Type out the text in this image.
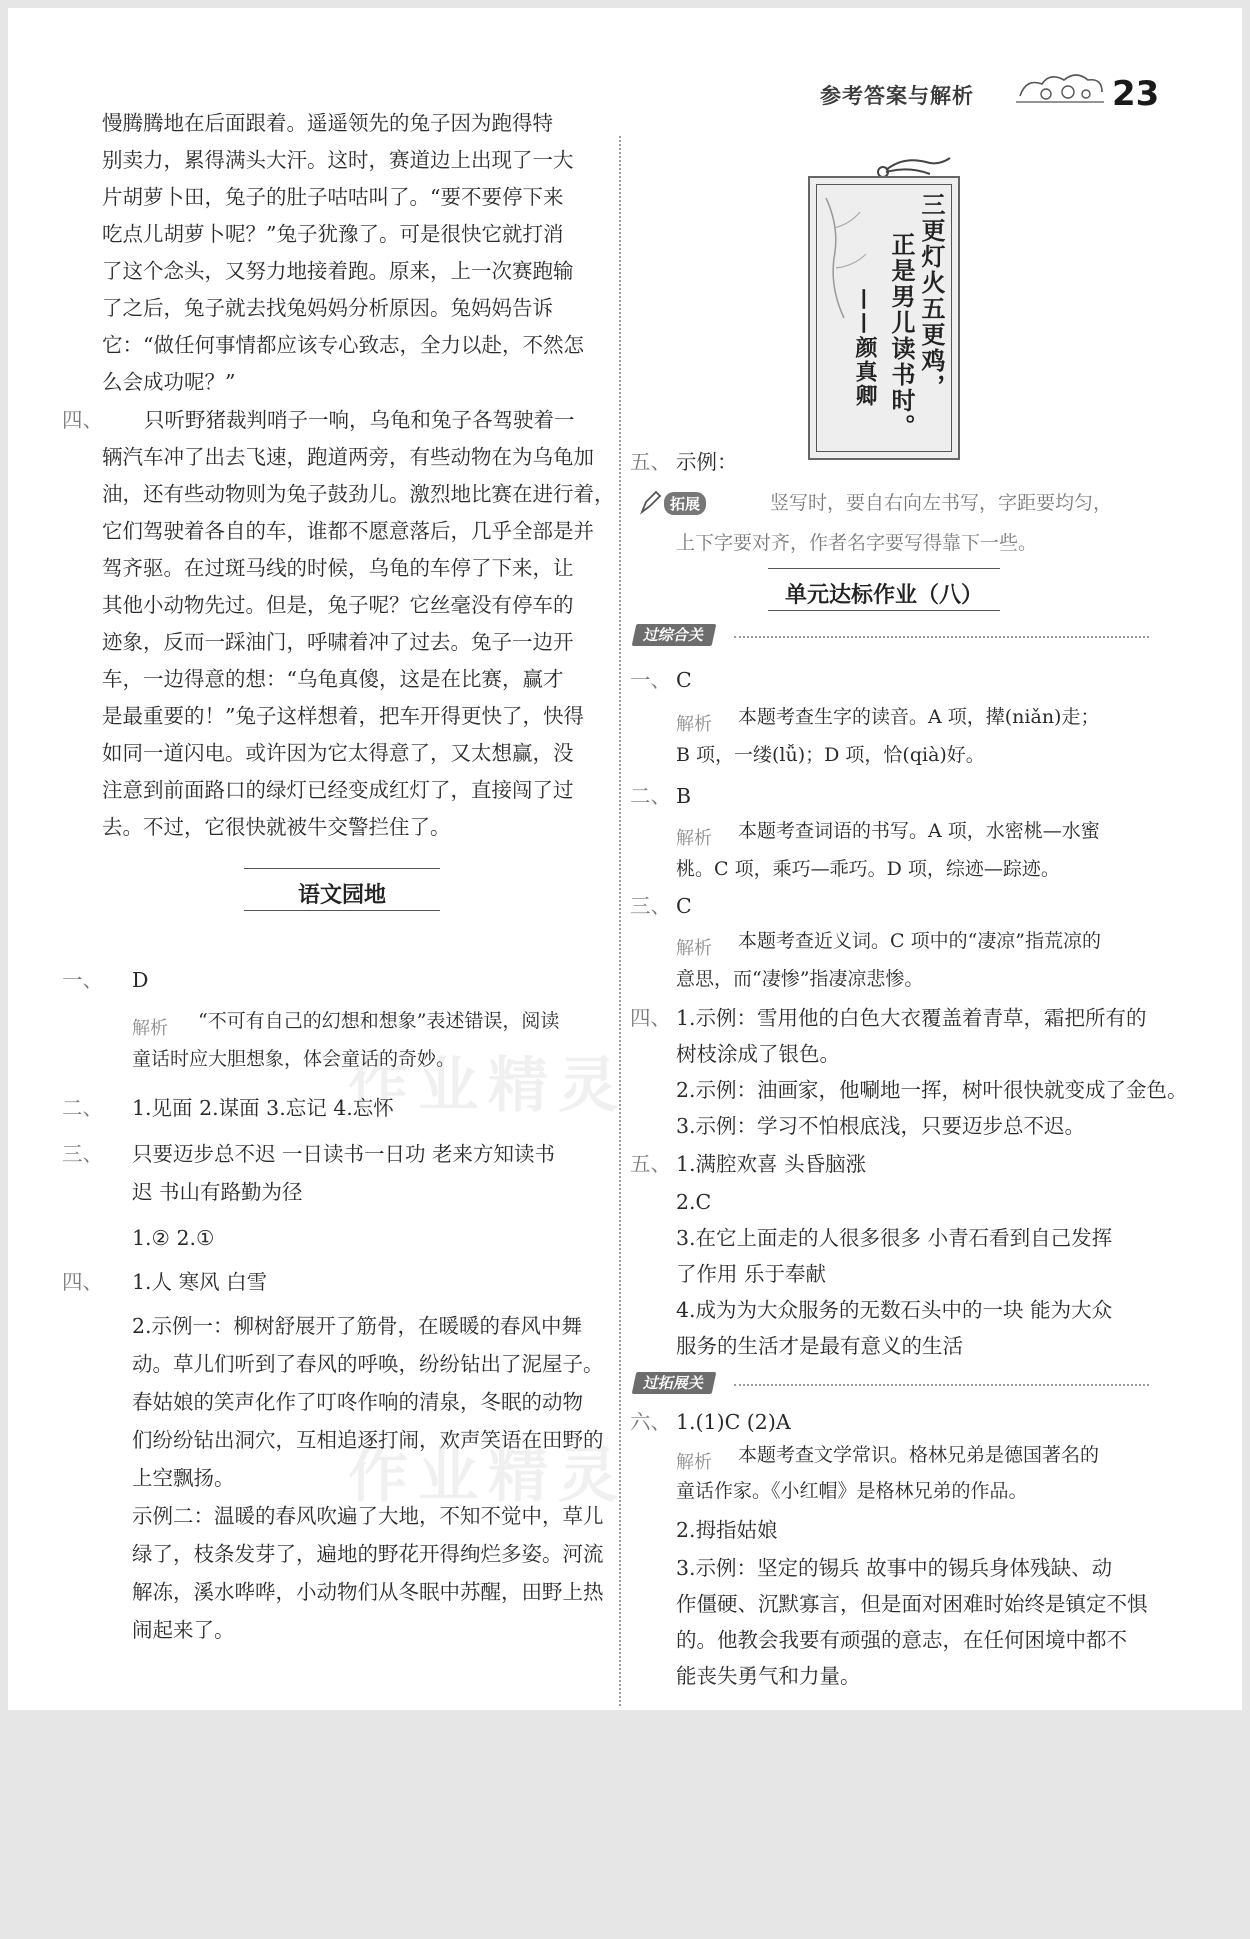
参考答案与解析	23

慢腾腾地在后面跟着。遥遥领先的兔子因为跑得特

别卖力，累得满头大汗。这时，赛道边上出现了一大

片胡萝卜田，兔子的肚子咕咕叫了。“要不要停下来

吃点儿胡萝卜呢？”兔子犹豫了。可是很快它就打消

了这个念头，又努力地接着跑。原来，上一次赛跑输

了之后，兔子就去找兔妈妈分析原因。兔妈妈告诉

它：“做任何事情都应该专心致志，全力以赴，不然怎

么会成功呢？”

四、 只听野猪裁判哨子一响，乌龟和兔子各驾驶着一

辆汽车冲了出去飞速，跑道两旁，有些动物在为乌龟加

油，还有些动物则为兔子鼓劲儿。激烈地比赛在进行着，

它们驾驶着各自的车，谁都不愿意落后，几乎全部是并

驾齐驱。在过斑马线的时候，乌龟的车停了下来，让

其他小动物先过。但是，兔子呢？它丝毫没有停车的

迹象，反而一踩油门，呼啸着冲了过去。兔子一边开

车，一边得意的想：“乌龟真傻，这是在比赛，赢才

是最重要的！”兔子这样想着，把车开得更快了，快得

如同一道闪电。或许因为它太得意了，又太想赢，没

注意到前面路口的绿灯已经变成红灯了，直接闯了过

去。不过，它很快就被牛交警拦住了。

语文园地
一、 D

解析 “不可有自己的幻想和想象”表述错误，阅读

童话时应大胆想象，体会童话的奇妙。

二、 1.见面 2.谋面 3.忘记 4.忘怀

三、 只要迈步总不迟 一日读书一日功 老来方知读书

迟 书山有路勤为径

1.② 2.①

四、 1.人 寒风 白雪

2.示例一：柳树舒展开了筋骨，在暖暖的春风中舞

动。草儿们听到了春风的呼唤，纷纷钻出了泥屋子。

春姑娘的笑声化作了叮咚作响的清泉，冬眠的动物

们纷纷钻出洞穴，互相追逐打闹，欢声笑语在田野的

上空飘扬。

示例二：温暖的春风吹遍了大地，不知不觉中，草儿

绿了，枝条发芽了，遍地的野花开得绚烂多姿。河流

解冻，溪水哗哗，小动物们从冬眠中苏醒，田野上热

闹起来了。

三更灯火五更鸡，
正是男儿读书时。
——颜真卿
五、 示例：

拓展	竖写时，要自右向左书写，字距要均匀，

上下字要对齐，作者名字要写得靠下一些。

单元达标作业（八）
过综合关
一、 C

解析 本题考查生字的读音。A 项，撵(niǎn)走；

B 项，一缕(lǚ)；D 项，恰(qià)好。

二、 B

解析 本题考查词语的书写。A 项，水密桃—水蜜

桃。C 项，乘巧—乖巧。D 项，综迹—踪迹。

三、 C

解析 本题考查近义词。C 项中的“凄凉”指荒凉的

意思，而“凄惨”指凄凉悲惨。

四、 1.示例：雪用他的白色大衣覆盖着青草，霜把所有的

树枝涂成了银色。

2.示例：油画家，他唰地一挥，树叶很快就变成了金色。

3.示例：学习不怕根底浅，只要迈步总不迟。

五、 1.满腔欢喜 头昏脑涨

2.C

3.在它上面走的人很多很多 小青石看到自己发挥

了作用 乐于奉献

4.成为为大众服务的无数石头中的一块 能为大众

服务的生活才是最有意义的生活

过拓展关
六、 1.(1)C (2)A

解析 本题考查文学常识。格林兄弟是德国著名的

童话作家。《小红帽》是格林兄弟的作品。

2.拇指姑娘

3.示例：坚定的锡兵 故事中的锡兵身体残缺、动

作僵硬、沉默寡言，但是面对困难时始终是镇定不惧

的。他教会我要有顽强的意志，在任何困境中都不

能丧失勇气和力量。

作业精灵
作业精灵
